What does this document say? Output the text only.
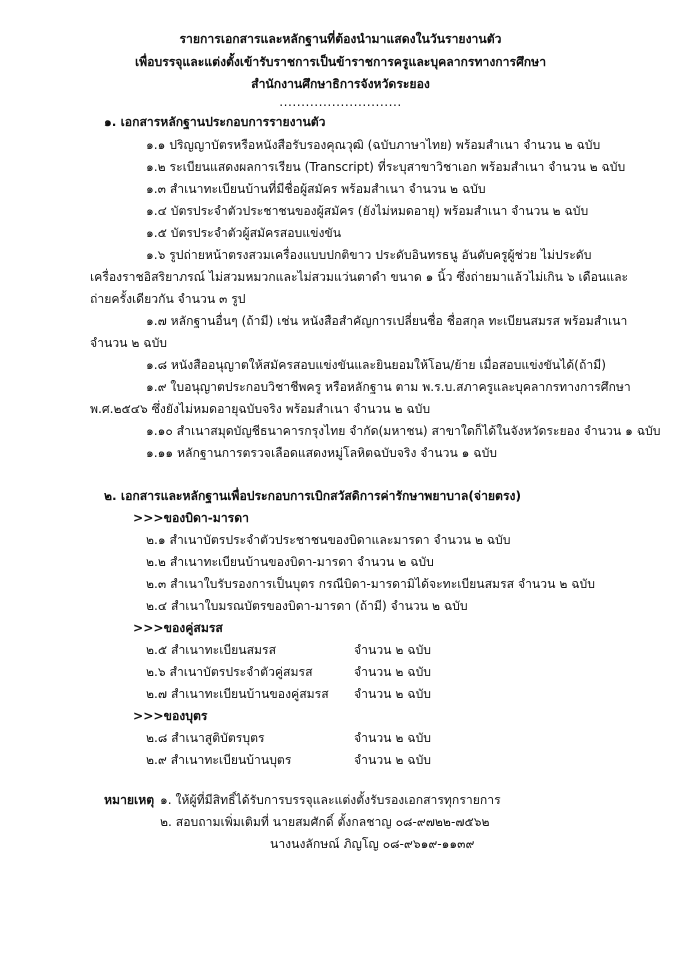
รายการเอกสารและหลักฐานที่ต้องนำมาแสดงในวันรายงานตัว
เพื่อบรรจุและแต่งตั้งเข้ารับราชการเป็นข้าราชการครูและบุคลากรทางการศึกษา
สำนักงานศึกษาธิการจังหวัดระยอง
............................
๑. เอกสารหลักฐานประกอบการรายงานตัว
๑.๑ ปริญญาบัตรหรือหนังสือรับรองคุณวุฒิ (ฉบับภาษาไทย) พร้อมสำเนา จำนวน ๒ ฉบับ
๑.๒ ระเบียนแสดงผลการเรียน (Transcript) ที่ระบุสาขาวิชาเอก พร้อมสำเนา จำนวน ๒ ฉบับ
๑.๓ สำเนาทะเบียนบ้านที่มีชื่อผู้สมัคร พร้อมสำเนา จำนวน ๒ ฉบับ
๑.๔ บัตรประจำตัวประชาชนของผู้สมัคร (ยังไม่หมดอายุ) พร้อมสำเนา จำนวน ๒ ฉบับ
๑.๕ บัตรประจำตัวผู้สมัครสอบแข่งขัน
๑.๖ รูปถ่ายหน้าตรงสวมเครื่องแบบปกติขาว ประดับอินทรธนู อันดับครูผู้ช่วย ไม่ประดับ
เครื่องราชอิสริยาภรณ์ ไม่สวมหมวกและไม่สวมแว่นตาดำ ขนาด ๑ นิ้ว ซึ่งถ่ายมาแล้วไม่เกิน ๖ เดือนและ
ถ่ายครั้งเดียวกัน จำนวน ๓ รูป
๑.๗ หลักฐานอื่นๆ (ถ้ามี) เช่น หนังสือสำคัญการเปลี่ยนชื่อ ชื่อสกุล ทะเบียนสมรส พร้อมสำเนา
จำนวน ๒ ฉบับ
๑.๘ หนังสืออนุญาตให้สมัครสอบแข่งขันและยินยอมให้โอน/ย้าย เมื่อสอบแข่งขันได้(ถ้ามี)
๑.๙ ใบอนุญาตประกอบวิชาชีพครู หรือหลักฐาน ตาม พ.ร.บ.สภาครูและบุคลากรทางการศึกษา
พ.ศ.๒๕๔๖ ซึ่งยังไม่หมดอายุฉบับจริง พร้อมสำเนา จำนวน ๒ ฉบับ
๑.๑๐ สำเนาสมุดบัญชีธนาคารกรุงไทย จำกัด(มหาชน) สาขาใดก็ได้ในจังหวัดระยอง จำนวน ๑ ฉบับ
๑.๑๑ หลักฐานการตรวจเลือดแสดงหมู่โลหิตฉบับจริง จำนวน ๑ ฉบับ
๒. เอกสารและหลักฐานเพื่อประกอบการเบิกสวัสดิการค่ารักษาพยาบาล(จ่ายตรง)
>>>ของบิดา-มารดา
๒.๑ สำเนาบัตรประจำตัวประชาชนของบิดาและมารดา จำนวน ๒ ฉบับ
๒.๒ สำเนาทะเบียนบ้านของบิดา-มารดา จำนวน ๒ ฉบับ
๒.๓ สำเนาใบรับรองการเป็นบุตร กรณีบิดา-มารดามิได้จะทะเบียนสมรส จำนวน ๒ ฉบับ
๒.๔ สำเนาใบมรณบัตรของบิดา-มารดา (ถ้ามี) จำนวน ๒ ฉบับ
>>>ของคู่สมรส
๒.๕ สำเนาทะเบียนสมรส	จำนวน ๒ ฉบับ
๒.๖ สำเนาบัตรประจำตัวคู่สมรส	จำนวน ๒ ฉบับ
๒.๗ สำเนาทะเบียนบ้านของคู่สมรส จำนวน ๒ ฉบับ
>>>ของบุตร
๒.๘ สำเนาสูติบัตรบุตร	จำนวน ๒ ฉบับ
๒.๙ สำเนาทะเบียนบ้านบุตร	จำนวน ๒ ฉบับ
หมายเหตุ ๑. ให้ผู้ที่มีสิทธิ์ได้รับการบรรจุและแต่งตั้งรับรองเอกสารทุกรายการ
๒. สอบถามเพิ่มเติมที่ นายสมศักดิ์ ตั้งกลชาญ ๐๘-๙๗๒๒-๗๕๖๒
นางนงลักษณ์ ภิญโญ ๐๘-๙๖๑๙-๑๑๓๙
